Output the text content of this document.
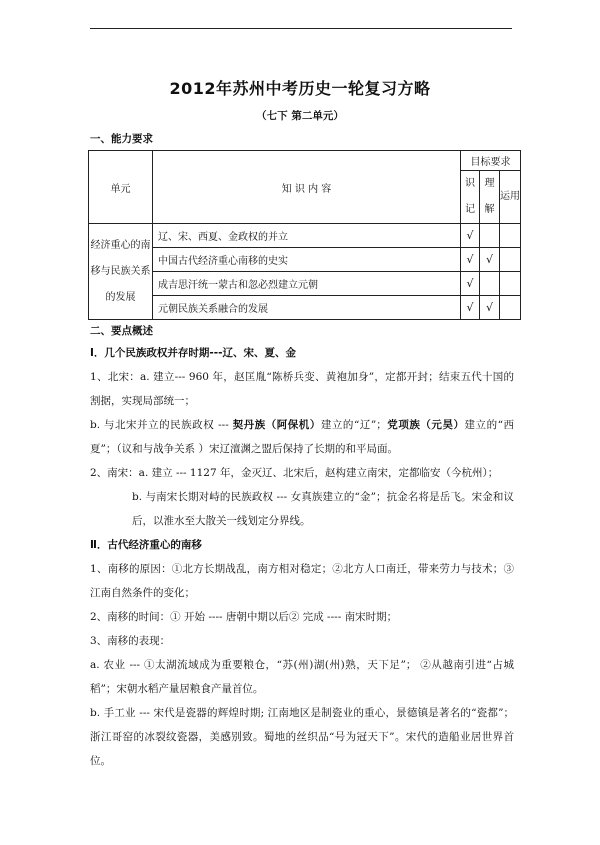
2012年苏州中考历史一轮复习方略
（七下 第二单元）
一、能力要求
单元	知 识 内 容	目标要求		
		识记	理解	运用
经济重心的南移与民族关系的发展	辽、宋、西夏、金政权的并立	√		
	中国古代经济重心南移的史实	√	√	
	成吉思汗统一蒙古和忽必烈建立元朝	√		
	元朝民族关系融合的发展	√	√	
二、要点概述
Ⅰ．几个民族政权并存时期---辽、宋、夏、金
1、北宋：a. 建立--- 960 年，赵匡胤“陈桥兵变、黄袍加身”，定都开封；结束五代十国的割据，实现局部统一；
b. 与北宋并立的民族政权 --- 契丹族（阿保机）建立的“辽”；党项族（元昊）建立的“西夏”；（议和与战争关系 ）宋辽澶渊之盟后保持了长期的和平局面。
2、南宋：a. 建立 --- 1127 年，金灭辽、北宋后，赵构建立南宋，定都临安（今杭州）；
b. 与南宋长期对峙的民族政权 --- 女真族建立的“金”；抗金名将是岳飞。宋金和议后，以淮水至大散关一线划定分界线。
Ⅱ．古代经济重心的南移
1、南移的原因：①北方长期战乱，南方相对稳定；②北方人口南迁，带来劳力与技术；③江南自然条件的变化；
2、南移的时间：① 开始 ---- 唐朝中期以后② 完成 ---- 南宋时期；
3、南移的表现：
a. 农业 --- ①太湖流域成为重要粮仓，“苏(州)湖(州)熟，天下足”； ②从越南引进“占城稻”；宋朝水稻产量居粮食产量首位。
b. 手工业 --- 宋代是瓷器的辉煌时期; 江南地区是制瓷业的重心，景德镇是著名的“瓷都”；浙江哥窑的冰裂纹瓷器，美感别致。蜀地的丝织品“号为冠天下”。宋代的造船业居世界首位。
